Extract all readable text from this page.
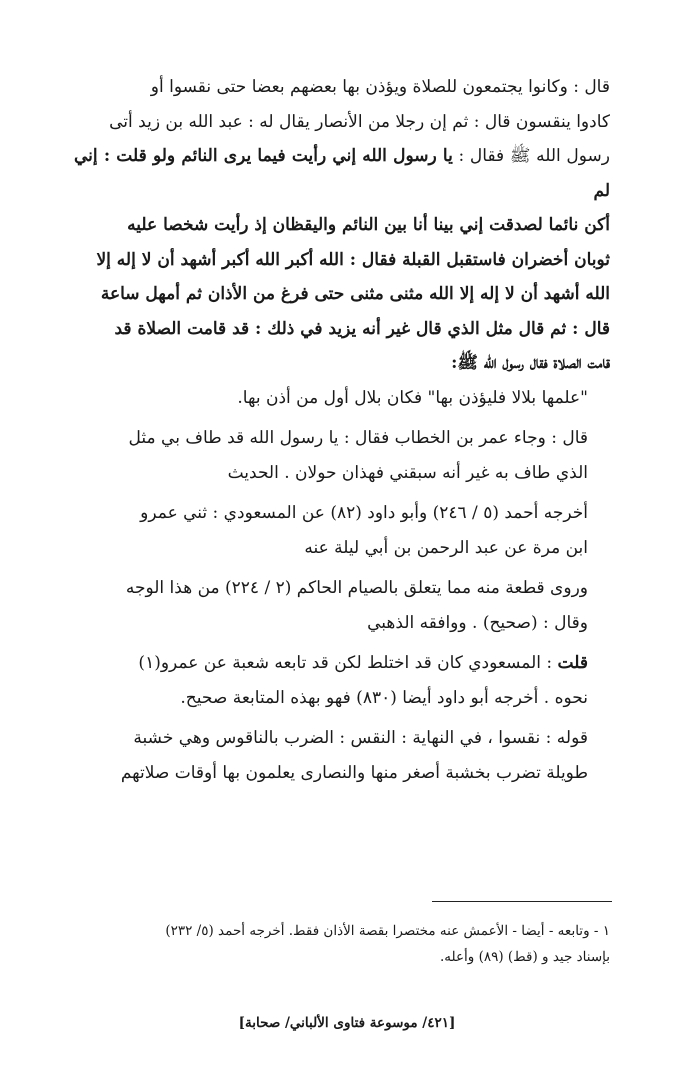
قال : وكانوا يجتمعون للصلاة ويؤذن بها بعضهم بعضا حتى نقسوا أو
كادوا ينقسون قال : ثم إن رجلا من الأنصار يقال له : عبد الله بن زيد أتى
رسول الله ﷺ فقال : يا رسول الله إني رأيت فيما يرى النائم ولو قلت : إني لم
أكن نائما لصدقت إني بينا أنا بين النائم واليقظان إذ رأيت شخصا عليه
ثوبان أخضران فاستقبل القبلة فقال : الله أكبر الله أكبر أشهد أن لا إله إلا
الله أشهد أن لا إله إلا الله مثنى مثنى حتى فرغ من الأذان ثم أمهل ساعة
قال : ثم قال مثل الذي قال غير أنه يزيد في ذلك : قد قامت الصلاة قد
قامت الصلاة فقال رسول الله ﷺ:

"علمها بلالا فليؤذن بها" فكان بلال أول من أذن بها.

قال : وجاء عمر بن الخطاب فقال : يا رسول الله قد طاف بي مثل
الذي طاف به غير أنه سبقني فهذان حولان . الحديث

أخرجه أحمد (٥ / ٢٤٦) وأبو داود (٨٢) عن المسعودي : ثني عمرو
ابن مرة عن عبد الرحمن بن أبي ليلة عنه

وروى قطعة منه مما يتعلق بالصيام الحاكم (٢ / ٢٢٤) من هذا الوجه
وقال : (صحيح) . ووافقه الذهبي

قلت : المسعودي كان قد اختلط لكن قد تابعه شعبة عن عمرو(١)
نحوه . أخرجه أبو داود أيضا (٨٣٠) فهو بهذه المتابعة صحيح.

قوله : نقسوا ، في النهاية : النقس : الضرب بالناقوس وهي خشبة
طويلة تضرب بخشبة أصغر منها والنصارى يعلمون بها أوقات صلاتهم

١ - وتابعه - أيضا - الأعمش عنه مختصرا بقصة الأذان فقط. أخرجه أحمد (٥/ ٢٣٢)
بإسناد جيد و (قط) (٨٩) وأعله.

[٤٢١/ موسوعة فتاوى الألباني/ صحابة]
